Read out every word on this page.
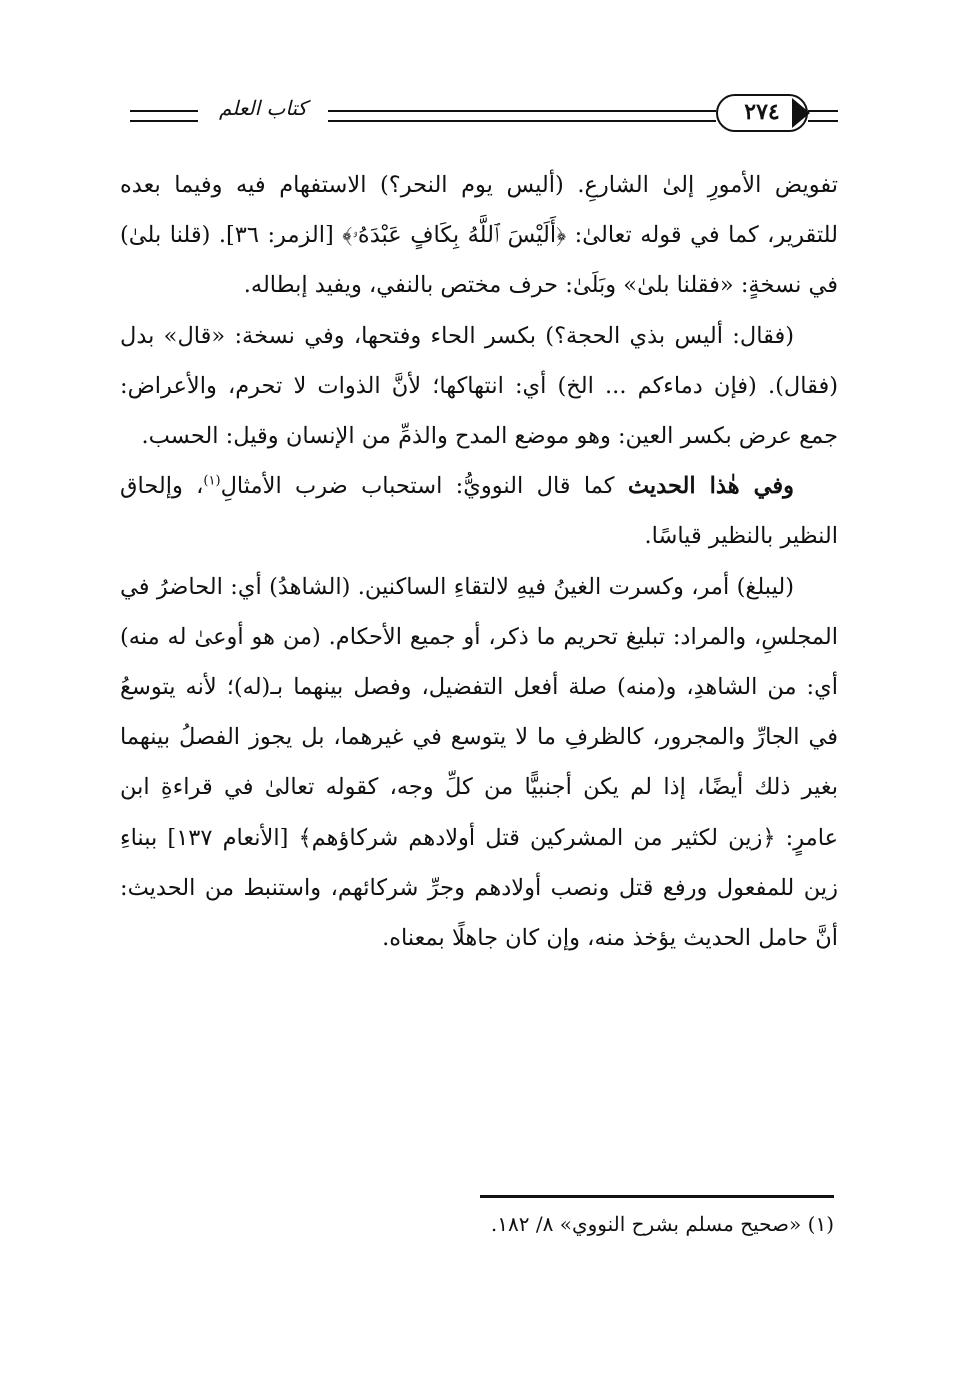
كتاب العلم	٢٧٤

تفويض الأمورِ إلىٰ الشارعِ. (أليس يوم النحر؟) الاستفهام فيه وفيما بعده للتقرير، كما في قوله تعالىٰ: ﴿أَلَيْسَ ٱللَّهُ بِكَافٍ عَبْدَهُۥ﴾ [الزمر: ٣٦]. (قلنا بلىٰ) في نسخةٍ: «فقلنا بلىٰ» وبَلَىٰ: حرف مختص بالنفي، ويفيد إبطاله.

(فقال: أليس بذي الحجة؟) بكسر الحاء وفتحها، وفي نسخة: «قال» بدل (فقال). (فإن دماءكم ... الخ) أي: انتهاكها؛ لأنَّ الذوات لا تحرم، والأعراض: جمع عرض بكسر العين: وهو موضع المدح والذمِّ من الإنسان وقيل: الحسب.

وفي هٰذا الحديث كما قال النوويُّ: استحباب ضرب الأمثالِ$^{(١)}$، وإلحاق النظير بالنظير قياسًا.

(ليبلغ) أمر، وكسرت الغينُ فيهِ لالتقاءِ الساكنين. (الشاهدُ) أي: الحاضرُ في المجلسِ، والمراد: تبليغ تحريم ما ذكر، أو جميع الأحكام. (من هو أوعىٰ له منه) أي: من الشاهدِ، و(منه) صلة أفعل التفضيل، وفصل بينهما بـ(له)؛ لأنه يتوسعُ في الجارِّ والمجرور، كالظرفِ ما لا يتوسع في غيرهما، بل يجوز الفصلُ بينهما بغير ذلك أيضًا، إذا لم يكن أجنبيًّا من كلِّ وجه، كقوله تعالىٰ في قراءةِ ابن عامرٍ: ﴿زين لكثير من المشركين قتل أولادهم شركاؤهم﴾ [الأنعام ١٣٧] ببناءِ زين للمفعول ورفع قتل ونصب أولادهم وجرِّ شركائهم، واستنبط من الحديث: أنَّ حامل الحديث يؤخذ منه، وإن كان جاهلًا بمعناه.

(١) «صحيح مسلم بشرح النووي» ٨/ ١٨٢.
